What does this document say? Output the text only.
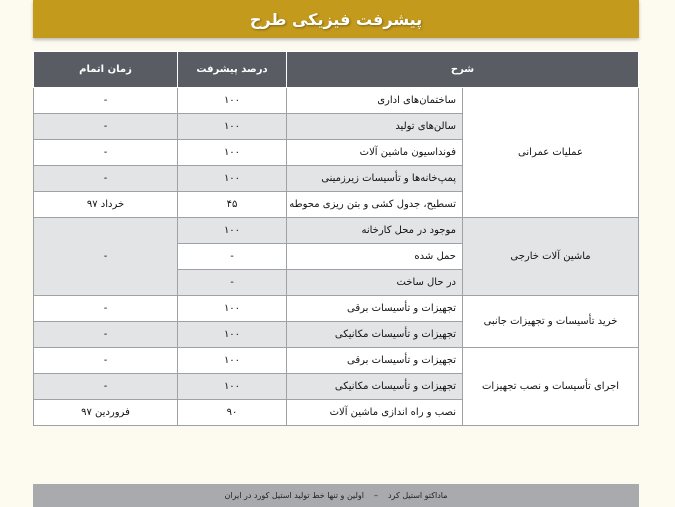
پیشرفت فیزیکی طرح
شرح		درصد پیشرفت	زمان اتمام
عملیات عمرانی	ساختمان‌های اداری	۱۰۰	-
	سالن‌های تولید	۱۰۰	-
	فونداسیون ماشین آلات	۱۰۰	-
	پمپ‌خانه‌ها و تأسیسات زیرزمینی	۱۰۰	-
	تسطیح، جدول کشی و بتن ریزی محوطه	۴۵	خرداد ۹۷
ماشین آلات خارجی	موجود در محل کارخانه	۱۰۰	-
	حمل شده	-	
	در حال ساخت	-	
خرید تأسیسات و تجهیزات جانبی	تجهیزات و تأسیسات برقی	۱۰۰	-
	تجهیزات و تأسیسات مکانیکی	۱۰۰	-
اجرای تأسیسات و نصب تجهیزات	تجهیزات و تأسیسات برقی	۱۰۰	-
	تجهیزات و تأسیسات مکانیکی	۱۰۰	-
	نصب و راه اندازی ماشین آلات	۹۰	فروردین ۹۷
ماداکتو استیل کرد
–
اولین و تنها خط تولید استیل کورد در ایران
